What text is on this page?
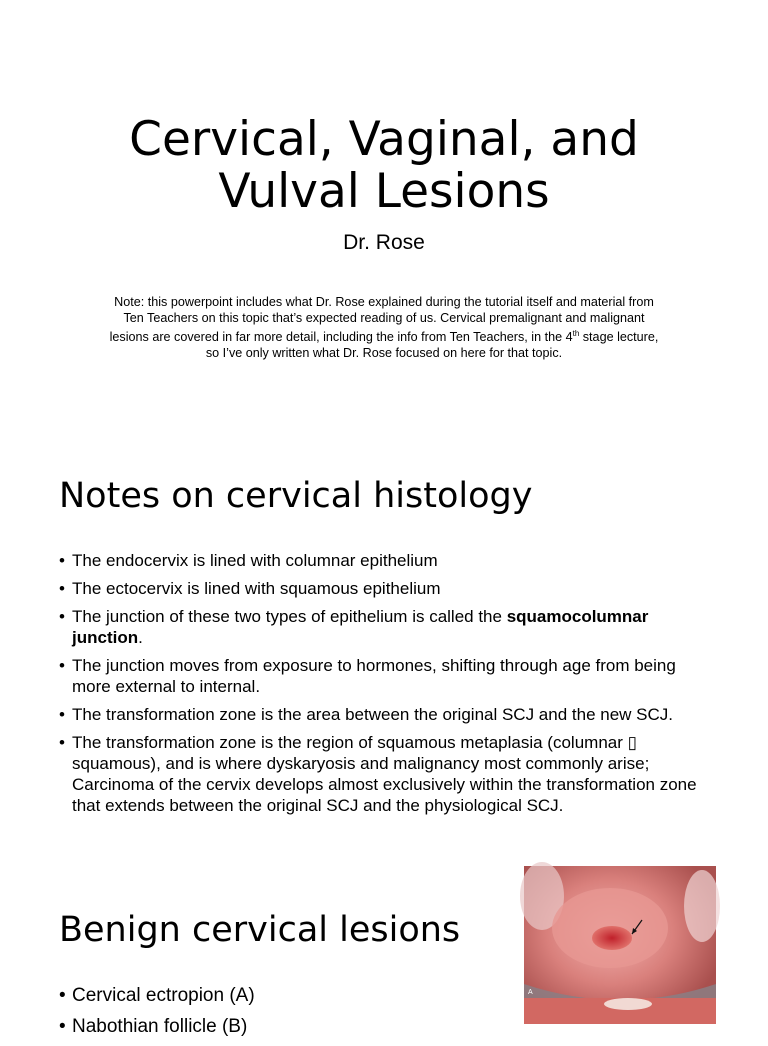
Cervical, Vaginal, and
Vulval Lesions
Dr. Rose
Note: this powerpoint includes what Dr. Rose explained during the tutorial itself and material from Ten Teachers on this topic that’s expected reading of us. Cervical premalignant and malignant lesions are covered in far more detail, including the info from Ten Teachers, in the 4th stage lecture, so I’ve only written what Dr. Rose focused on here for that topic.
Notes on cervical histology
• The endocervix is lined with columnar epithelium
• The ectocervix is lined with squamous epithelium
• The junction of these two types of epithelium is called the squamocolumnar junction.
• The junction moves from exposure to hormones, shifting through age from being more external to internal.
• The transformation zone is the area between the original SCJ and the new SCJ.
• The transformation zone is the region of squamous metaplasia (columnar ▯ squamous), and is where dyskaryosis and malignancy most commonly arise; Carcinoma of the cervix develops almost exclusively within the transformation zone that extends between the original SCJ and the physiological SCJ.
Benign cervical lesions
• Cervical ectropion (A)
• Nabothian follicle (B)
A
